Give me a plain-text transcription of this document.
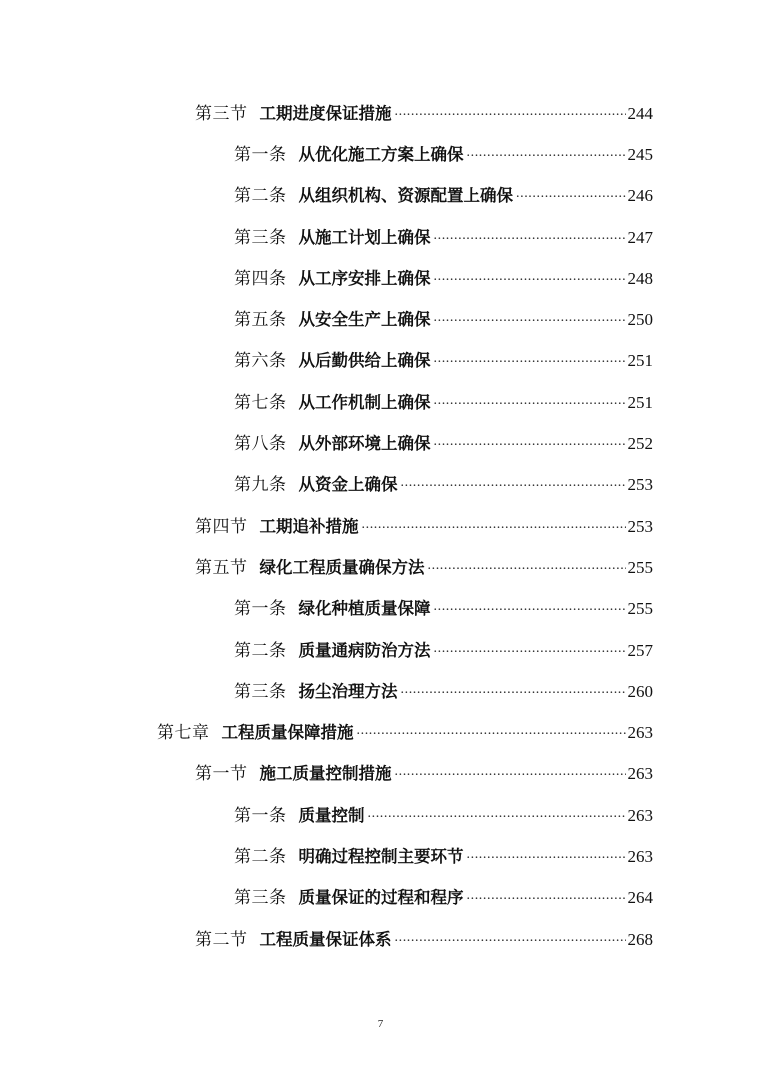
第三节 工期进度保证措施 .....	244
第一条 从优化施工方案上确保 .....	245
第二条 从组织机构、资源配置上确保 .....	246
第三条 从施工计划上确保 .....	247
第四条 从工序安排上确保 .....	248
第五条 从安全生产上确保 .....	250
第六条 从后勤供给上确保 .....	251
第七条 从工作机制上确保 .....	251
第八条 从外部环境上确保 .....	252
第九条 从资金上确保 .....	253
第四节 工期追补措施 .....	253
第五节 绿化工程质量确保方法 .....	255
第一条 绿化种植质量保障 .....	255
第二条 质量通病防治方法 .....	257
第三条 扬尘治理方法 .....	260
第七章 工程质量保障措施 .....	263
第一节 施工质量控制措施 .....	263
第一条 质量控制 .....	263
第二条 明确过程控制主要环节 .....	263
第三条 质量保证的过程和程序 .....	264
第二节 工程质量保证体系 .....	268
7
